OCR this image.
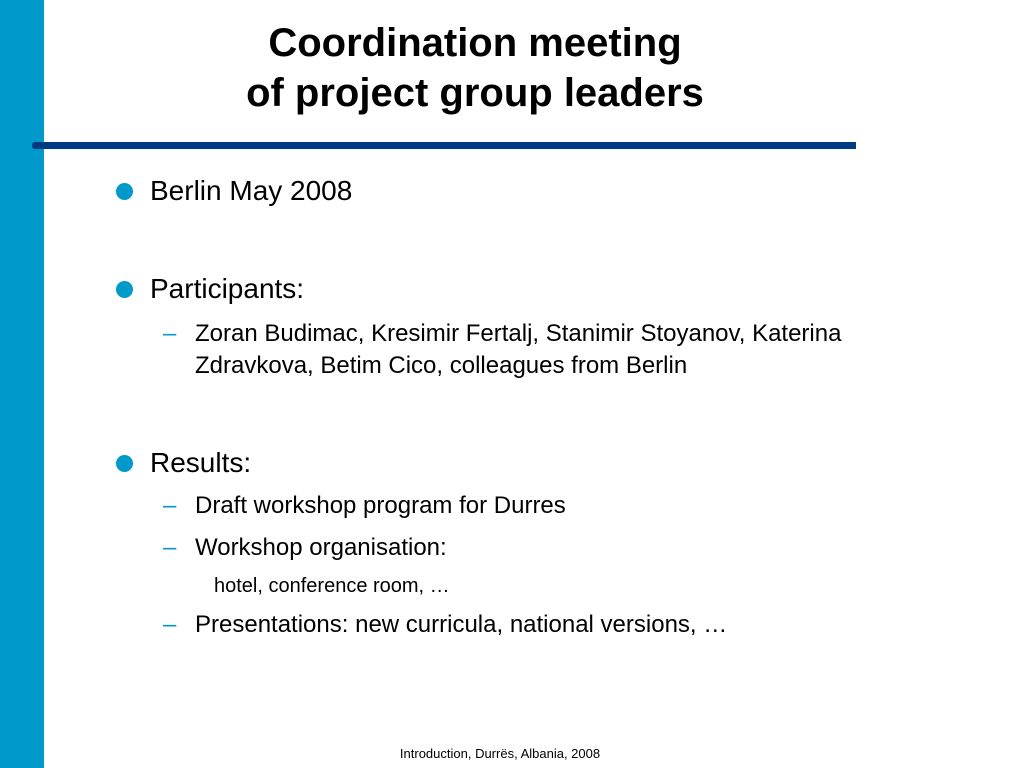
Coordination meeting
of project group leaders
Berlin May 2008
Participants:
– Zoran Budimac, Kresimir Fertalj, Stanimir Stoyanov, Katerina
Zdravkova, Betim Cico, colleagues from Berlin
Results:
– Draft workshop program for Durres
– Workshop organisation:
hotel, conference room, …
– Presentations: new curricula, national versions, …
Introduction, Durrës, Albania, 2008
